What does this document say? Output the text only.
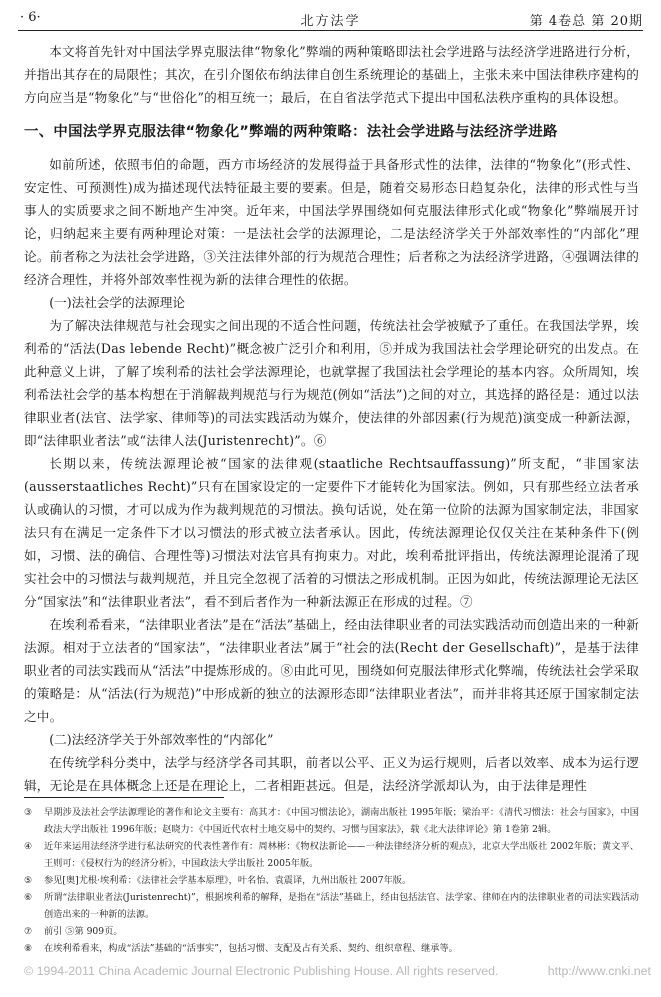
· 6·	北方法学	第 4卷总 第 20期

本文将首先针对中国法学界克服法律“物象化”弊端的两种策略即法社会学进路与法经济学进路进行分析，并指出其存在的局限性；其次，在引介图依布纳法律自创生系统理论的基础上，主张未来中国法律秩序建构的方向应当是“物象化”与“世俗化”的相互统一；最后，在自省法学范式下提出中国私法秩序重构的具体设想。

一、中国法学界克服法律“物象化”弊端的两种策略：法社会学进路与法经济学进路

如前所述，依照韦伯的命题，西方市场经济的发展得益于具备形式性的法律，法律的“物象化”(形式性、安定性、可预测性)成为描述现代法特征最主要的要素。但是，随着交易形态日趋复杂化，法律的形式性与当事人的实质要求之间不断地产生冲突。近年来，中国法学界围绕如何克服法律形式化或“物象化”弊端展开讨论，归纳起来主要有两种理论对策：一是法社会学的法源理论，二是法经济学关于外部效率性的“内部化”理论。前者称之为法社会学进路，③关注法律外部的行为规范合理性；后者称之为法经济学进路，④强调法律的经济合理性，并将外部效率性视为新的法律合理性的依据。

(一)法社会学的法源理论

为了解决法律规范与社会现实之间出现的不适合性问题，传统法社会学被赋予了重任。在我国法学界，埃利希的“活法(Das lebende Recht)”概念被广泛引介和利用，⑤并成为我国法社会学理论研究的出发点。在此种意义上讲，了解了埃利希的法社会学法源理论，也就掌握了我国法社会学理论的基本内容。众所周知，埃利希法社会学的基本构想在于消解裁判规范与行为规范(例如“活法”)之间的对立，其选择的路径是：通过以法律职业者(法官、法学家、律师等)的司法实践活动为媒介，使法律的外部因素(行为规范)演变成一种新法源，即“法律职业者法”或“法律人法(Juristenrecht)”。⑥

长期以来，传统法源理论被“国家的法律观(staatliche Rechtsauffassung)”所支配，“非国家法(ausserstaatliches Recht)”只有在国家设定的一定要件下才能转化为国家法。例如，只有那些经立法者承认或确认的习惯，才可以成为作为裁判规范的习惯法。换句话说，处在第一位阶的法源为国家制定法，非国家法只有在满足一定条件下才以习惯法的形式被立法者承认。因此，传统法源理论仅仅关注在某种条件下(例如，习惯、法的确信、合理性等)习惯法对法官具有拘束力。对此，埃利希批评指出，传统法源理论混淆了现实社会中的习惯法与裁判规范，并且完全忽视了活着的习惯法之形成机制。正因为如此，传统法源理论无法区分“国家法”和“法律职业者法”，看不到后者作为一种新法源正在形成的过程。⑦

在埃利希看来，“法律职业者法”是在“活法”基础上，经由法律职业者的司法实践活动而创造出来的一种新法源。相对于立法者的“国家法”，“法律职业者法”属于“社会的法(Recht der Gesellschaft)”，是基于法律职业者的司法实践而从“活法”中提炼形成的。⑧由此可见，围绕如何克服法律形式化弊端，传统法社会学采取的策略是：从“活法(行为规范)”中形成新的独立的法源形态即“法律职业者法”，而并非将其还原于国家制定法之中。

(二)法经济学关于外部效率性的“内部化”

在传统学科分类中，法学与经济学各司其职，前者以公平、正义为运行规则，后者以效率、成本为运行逻辑，无论是在具体概念上还是在理论上，二者相距甚远。但是，法经济学派却认为，由于法律是理性

③	早期涉及法社会学法源理论的著作和论文主要有：高其才：《中国习惯法论》，湖南出版社 1995年版；梁治平：《清代习惯法：社会与国家》，中国政法大学出版社 1996年版；赵晓力：《中国近代农村土地交易中的契约、习惯与国家法》，载《北大法律评论》第 1卷第 2辑。
④	近年来运用法经济学进行私法研究的代表性著作有：周林彬：《物权法新论——一种法律经济分析的观点》，北京大学出版社 2002年版；黄文平、王则可：《侵权行为的经济分析》，中国政法大学出版社 2005年版。
⑤	参见[奥]尤根·埃利希：《法律社会学基本原理》，叶名怡、袁震译，九州出版社 2007年版。
⑥	所谓“法律职业者法(Juristenrecht)”，根据埃利希的解释，是指在“活法”基础上，经由包括法官、法学家、律师在内的法律职业者的司法实践活动创造出来的一种新的法源。
⑦	前引 ⑤第 909页。
⑧	在埃利希看来，构成“活法”基础的“活事实”，包括习惯、支配及占有关系、契约、组织章程、继承等。
© 1994-2011 China Academic Journal Electronic Publishing House. All rights reserved.	http://www.cnki.net
